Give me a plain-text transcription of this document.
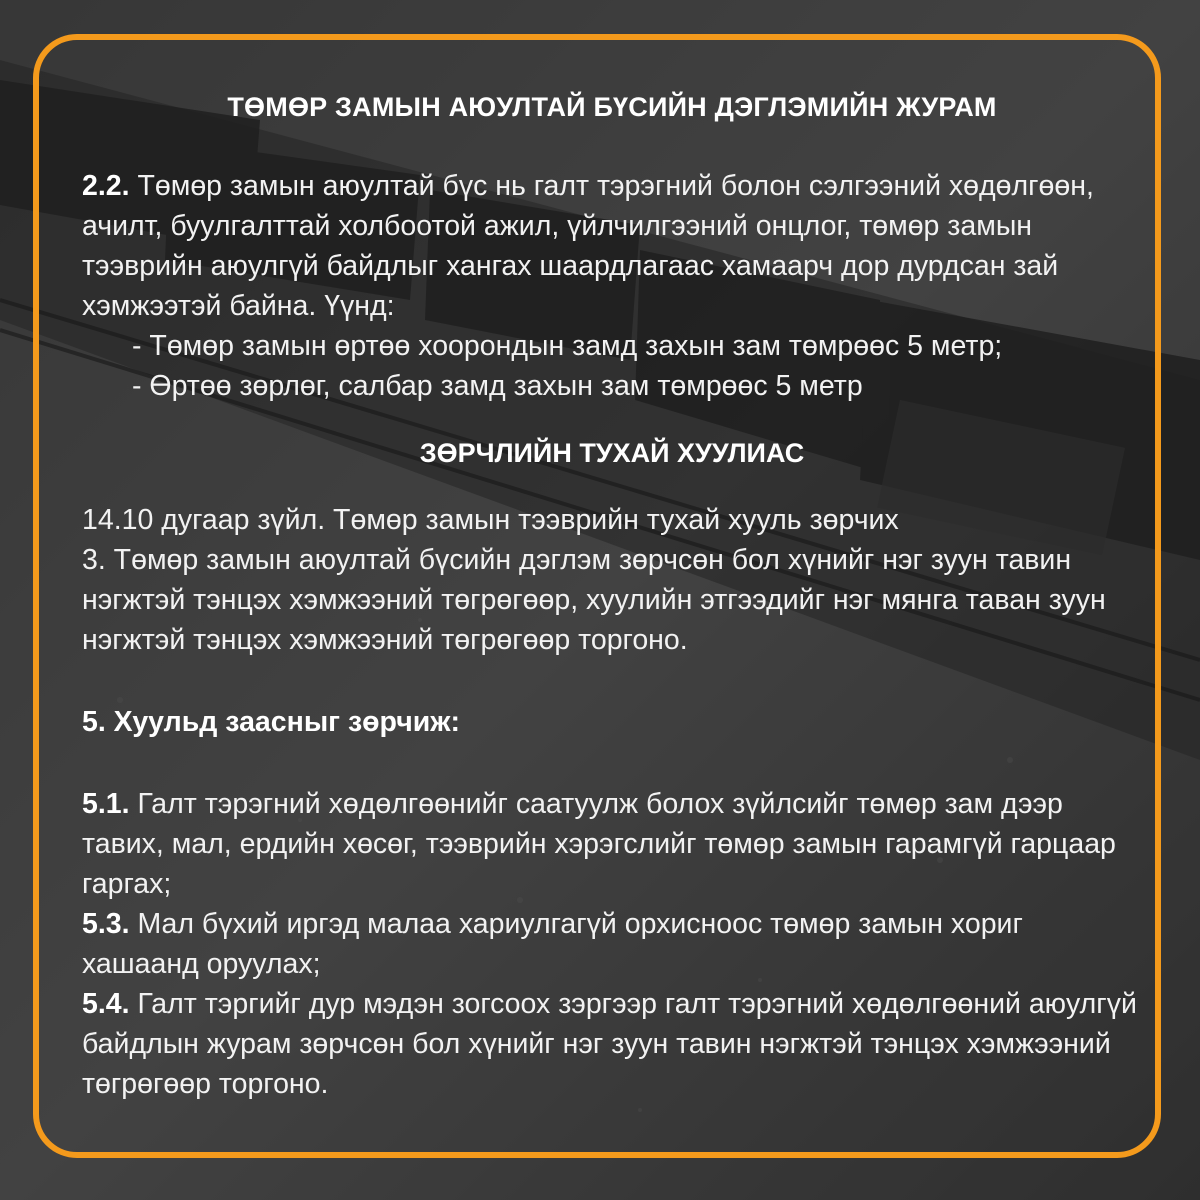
ТӨМӨР ЗАМЫН АЮУЛТАЙ БҮСИЙН ДЭГЛЭМИЙН ЖУРАМ

2.2. Төмөр замын аюултай бүс нь галт тэрэгний болон сэлгээний хөдөлгөөн, ачилт, буулгалттай холбоотой ажил, үйлчилгээний онцлог, төмөр замын тээврийн аюулгүй байдлыг хангах шаардлагаас хамаарч дор дурдсан зай хэмжээтэй байна. Үүнд:

- Төмөр замын өртөө хоорондын замд захын зам төмрөөс 5 метр;
- Өртөө зөрлөг, салбар замд захын зам төмрөөс 5 метр
ЗӨРЧЛИЙН ТУХАЙ ХУУЛИАС

14.10 дугаар зүйл. Төмөр замын тээврийн тухай хууль зөрчих

3. Төмөр замын аюултай бүсийн дэглэм зөрчсөн бол хүнийг нэг зуун тавин нэгжтэй тэнцэх хэмжээний төгрөгөөр, хуулийн этгээдийг нэг мянга таван зуун нэгжтэй тэнцэх хэмжээний төгрөгөөр торгоно.

5. Хуульд заасныг зөрчиж:

5.1. Галт тэрэгний хөдөлгөөнийг саатуулж болох зүйлсийг төмөр зам дээр тавих, мал, ердийн хөсөг, тээврийн хэрэгслийг төмөр замын гарамгүй гарцаар гаргах;

5.3. Мал бүхий иргэд малаа хариулгагүй орхисноос төмөр замын хориг хашаанд оруулах;

5.4. Галт тэргийг дур мэдэн зогсоох зэргээр галт тэрэгний хөдөлгөөний аюулгүй байдлын журам зөрчсөн бол хүнийг нэг зуун тавин нэгжтэй тэнцэх хэмжээний төгрөгөөр торгоно.
